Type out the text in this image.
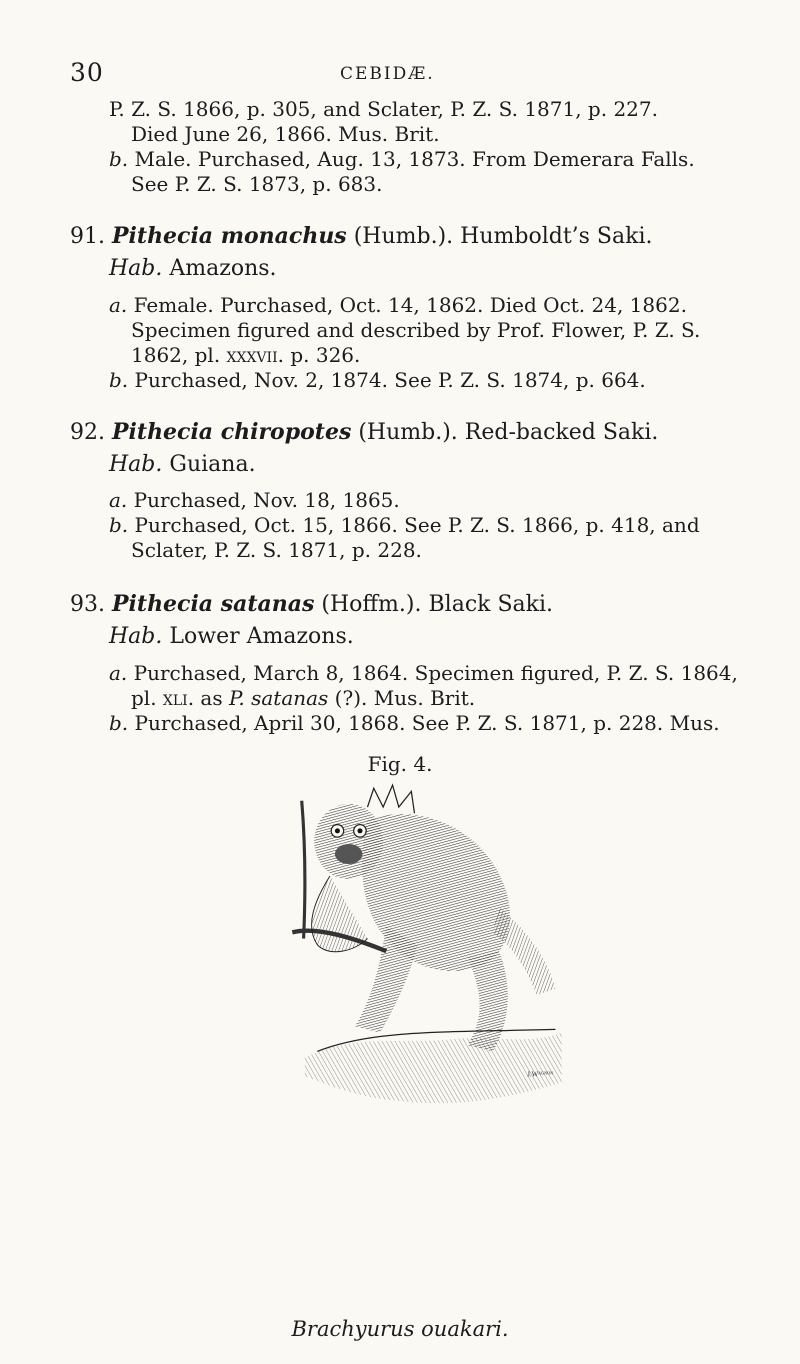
30	CEBIDÆ.
P. Z. S. 1866, p. 305, and Sclater, P. Z. S. 1871, p. 227.
Died June 26, 1866. Mus. Brit.
b. Male. Purchased, Aug. 13, 1873. From Demerara Falls.
See P. Z. S. 1873, p. 683.
91. Pithecia monachus (Humb.). Humboldt’s Saki.
Hab. Amazons.
a. Female. Purchased, Oct. 14, 1862. Died Oct. 24, 1862.
Specimen figured and described by Prof. Flower, P. Z. S.
1862, pl. xxxvii. p. 326.
b. Purchased, Nov. 2, 1874. See P. Z. S. 1874, p. 664.
92. Pithecia chiropotes (Humb.). Red-backed Saki.
Hab. Guiana.
a. Purchased, Nov. 18, 1865.
b. Purchased, Oct. 15, 1866. See P. Z. S. 1866, p. 418, and
Sclater, P. Z. S. 1871, p. 228.
93. Pithecia satanas (Hoffm.). Black Saki.
Hab. Lower Amazons.
a. Purchased, March 8, 1864. Specimen figured, P. Z. S. 1864,
pl. xli. as P. satanas (?). Mus. Brit.
b. Purchased, April 30, 1868. See P. Z. S. 1871, p. 228. Mus.
Fig. 4.
J.Wᴬᴳᴺᴼᴺ
Brachyurus ouakari.
